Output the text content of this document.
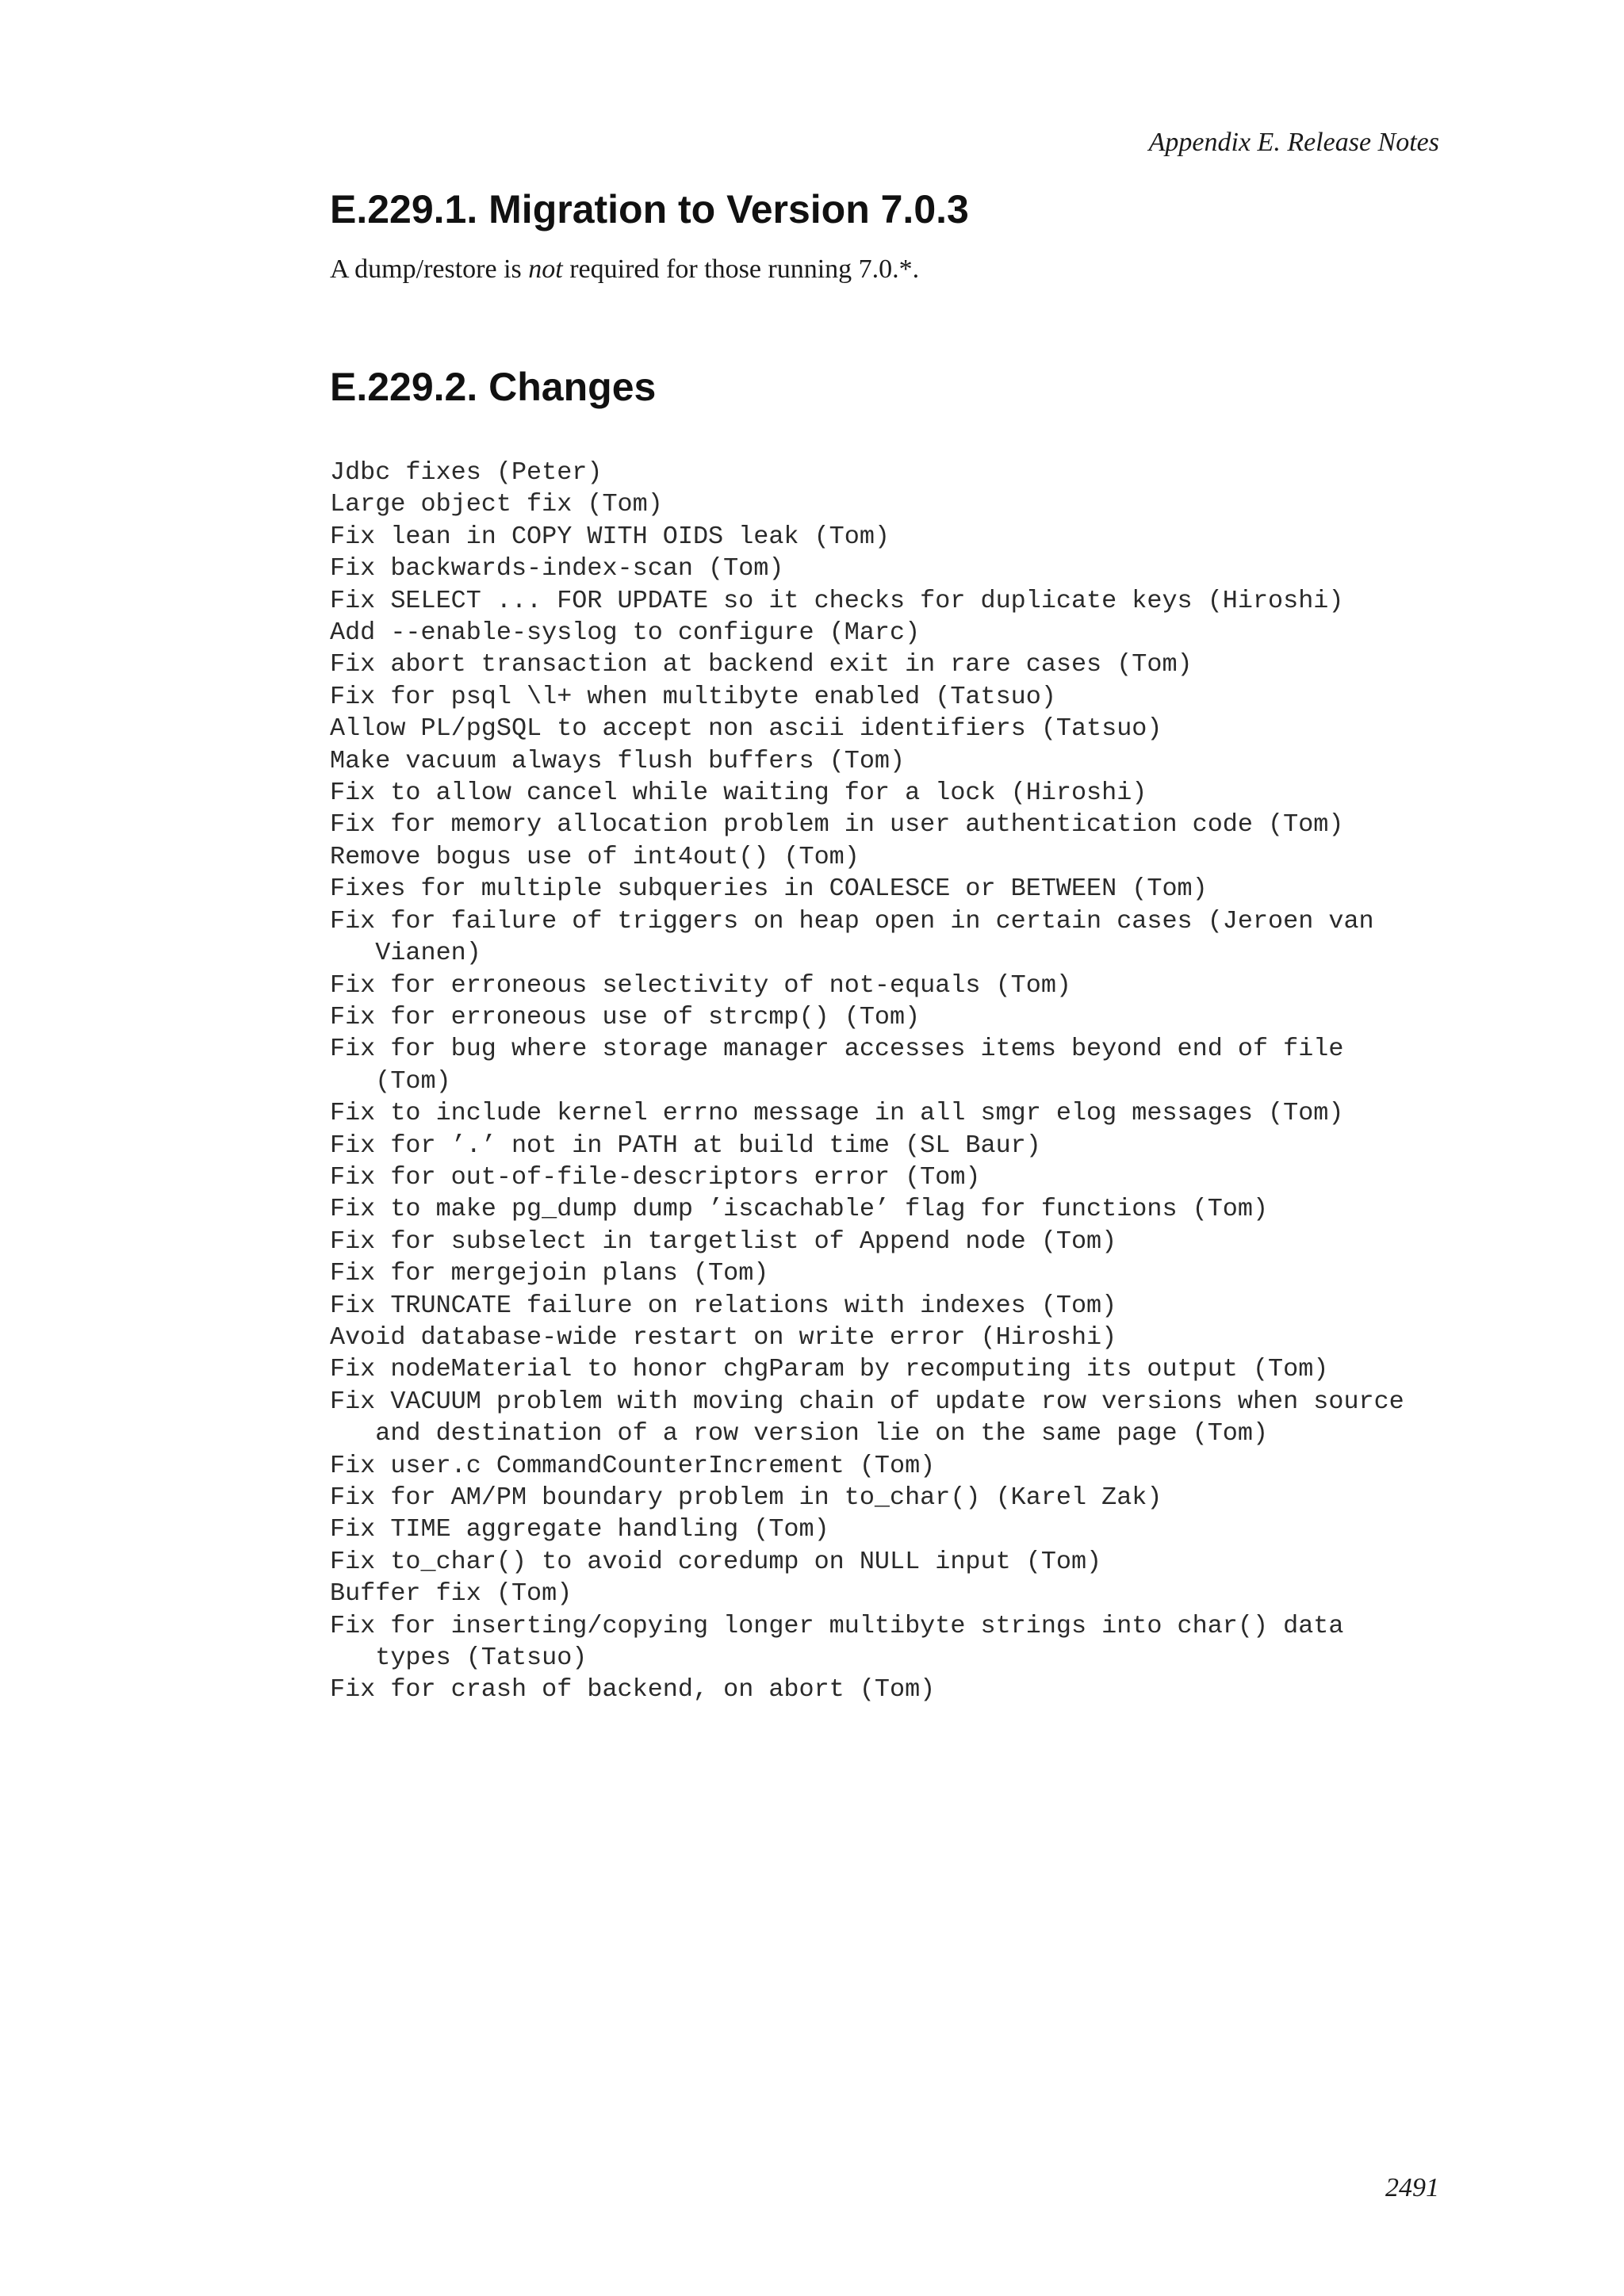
Appendix E. Release Notes
E.229.1. Migration to Version 7.0.3

A dump/restore is not required for those running 7.0.*.

E.229.2. Changes
Jdbc fixes (Peter)
Large object fix (Tom)
Fix lean in COPY WITH OIDS leak (Tom)
Fix backwards-index-scan (Tom)
Fix SELECT ... FOR UPDATE so it checks for duplicate keys (Hiroshi)
Add --enable-syslog to configure (Marc)
Fix abort transaction at backend exit in rare cases (Tom)
Fix for psql \l+ when multibyte enabled (Tatsuo)
Allow PL/pgSQL to accept non ascii identifiers (Tatsuo)
Make vacuum always flush buffers (Tom)
Fix to allow cancel while waiting for a lock (Hiroshi)
Fix for memory allocation problem in user authentication code (Tom)
Remove bogus use of int4out() (Tom)
Fixes for multiple subqueries in COALESCE or BETWEEN (Tom)
Fix for failure of triggers on heap open in certain cases (Jeroen van
Vianen)
Fix for erroneous selectivity of not-equals (Tom)
Fix for erroneous use of strcmp() (Tom)
Fix for bug where storage manager accesses items beyond end of file
(Tom)
Fix to include kernel errno message in all smgr elog messages (Tom)
Fix for ’.’ not in PATH at build time (SL Baur)
Fix for out-of-file-descriptors error (Tom)
Fix to make pg_dump dump ’iscachable’ flag for functions (Tom)
Fix for subselect in targetlist of Append node (Tom)
Fix for mergejoin plans (Tom)
Fix TRUNCATE failure on relations with indexes (Tom)
Avoid database-wide restart on write error (Hiroshi)
Fix nodeMaterial to honor chgParam by recomputing its output (Tom)
Fix VACUUM problem with moving chain of update row versions when source
and destination of a row version lie on the same page (Tom)
Fix user.c CommandCounterIncrement (Tom)
Fix for AM/PM boundary problem in to_char() (Karel Zak)
Fix TIME aggregate handling (Tom)
Fix to_char() to avoid coredump on NULL input (Tom)
Buffer fix (Tom)
Fix for inserting/copying longer multibyte strings into char() data
types (Tatsuo)
Fix for crash of backend, on abort (Tom)
2491
